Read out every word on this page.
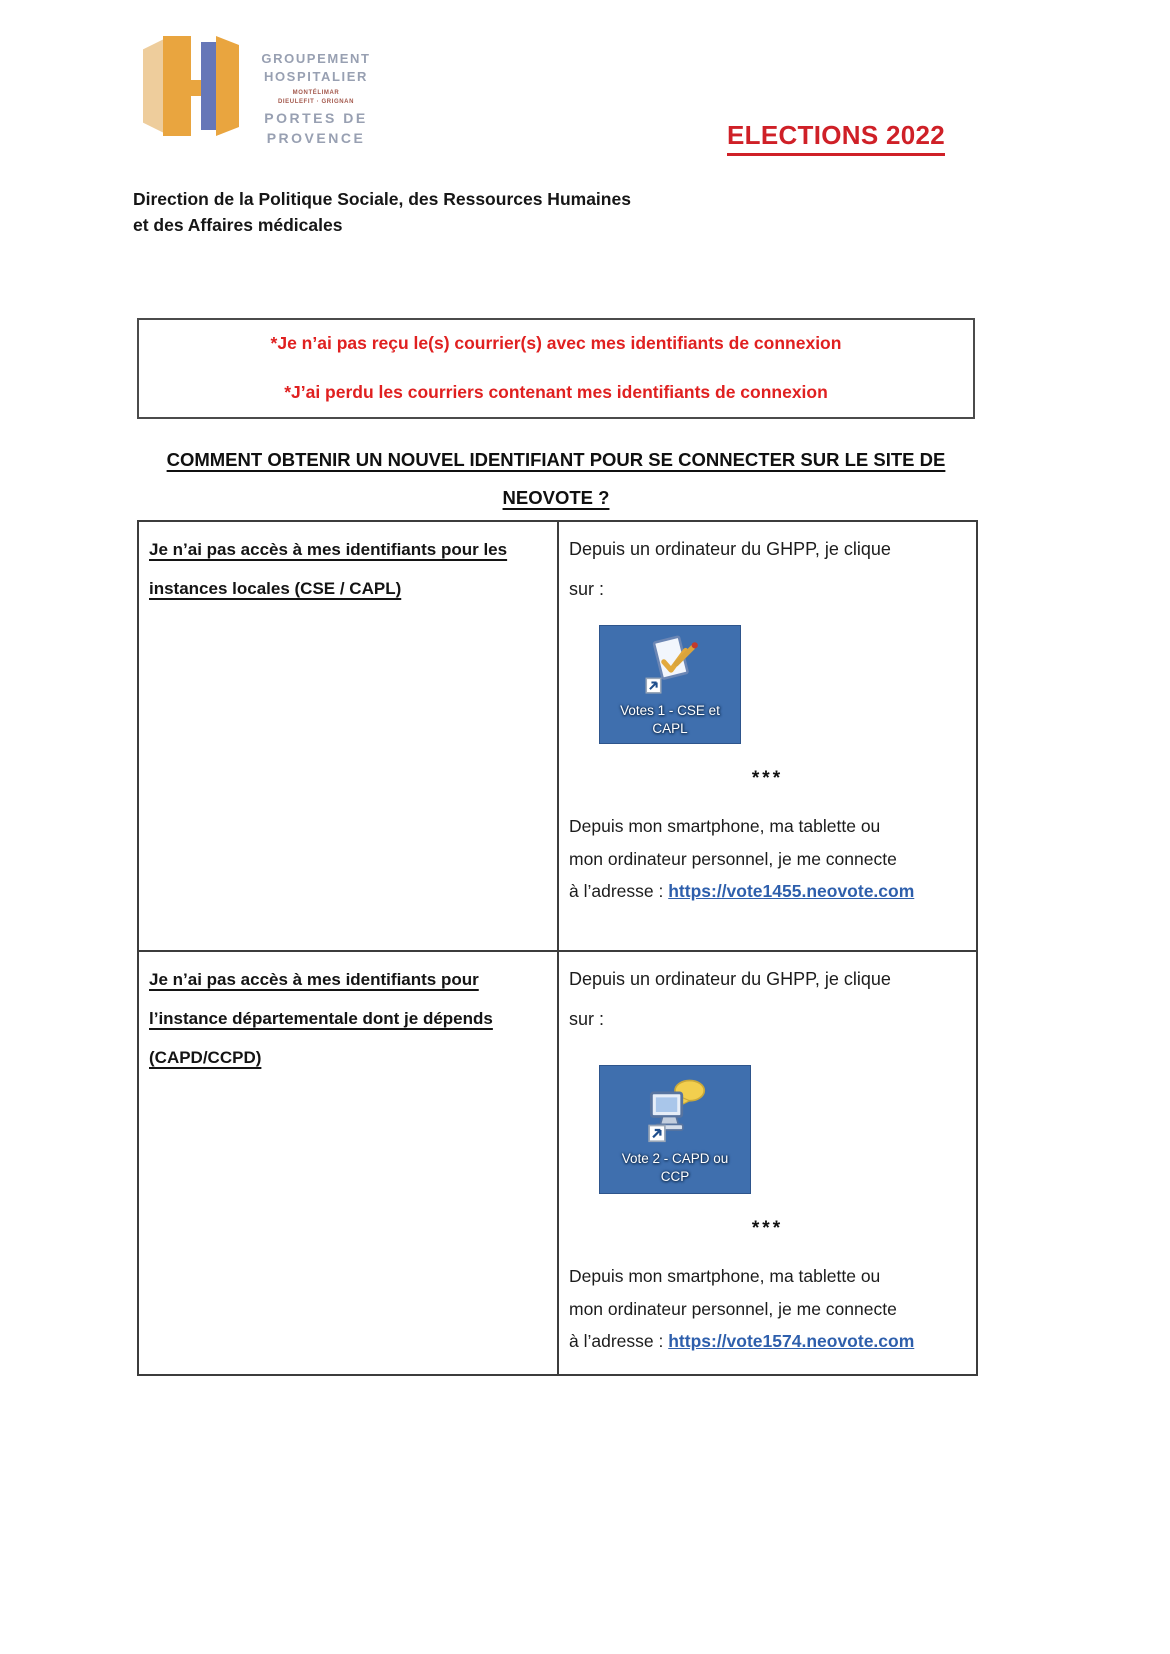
GROUPEMENT
HOSPITALIER
MONTÉLIMAR
DIEULEFIT · GRIGNAN
PORTES DE
PROVENCE	ELECTIONS 2022
Direction de la Politique Sociale, des Ressources Humaines
et des Affaires médicales
*Je n’ai pas reçu le(s) courrier(s) avec mes identifiants de connexion
*J’ai perdu les courriers contenant mes identifiants de connexion
COMMENT OBTENIR UN NOUVEL IDENTIFIANT POUR SE CONNECTER SUR LE SITE DE
NEOVOTE ?
Je n’ai pas accès à mes identifiants pour les
instances locales (CSE / CAPL)

Depuis un ordinateur du GHPP, je clique
sur :
Votes 1 - CSE et
CAPL
***

Depuis mon smartphone, ma tablette ou
mon ordinateur personnel, je me connecte
à l’adresse : https://vote1455.neovote.com

Je n’ai pas accès à mes identifiants pour
l’instance départementale dont je dépends
(CAPD/CCPD)

Depuis un ordinateur du GHPP, je clique
sur :
Vote 2 - CAPD ou
CCP
***

Depuis mon smartphone, ma tablette ou
mon ordinateur personnel, je me connecte
à l’adresse : https://vote1574.neovote.com
